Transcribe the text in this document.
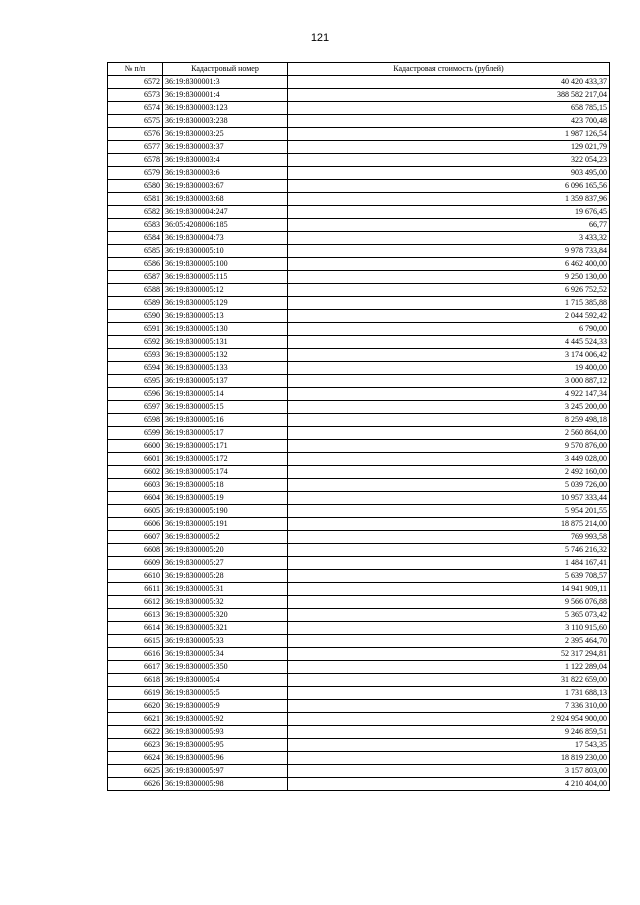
121
№ п/п	Кадастровый номер	Кадастровая стоимость (рублей)
6572	36:19:8300001:3	40 420 433,37
6573	36:19:8300001:4	388 582 217,04
6574	36:19:8300003:123	658 785,15
6575	36:19:8300003:238	423 700,48
6576	36:19:8300003:25	1 987 126,54
6577	36:19:8300003:37	129 021,79
6578	36:19:8300003:4	322 054,23
6579	36:19:8300003:6	903 495,00
6580	36:19:8300003:67	6 096 165,56
6581	36:19:8300003:68	1 359 837,96
6582	36:19:8300004:247	19 676,45
6583	36:05:4208006:185	66,77
6584	36:19:8300004:73	3 433,32
6585	36:19:8300005:10	9 978 733,84
6586	36:19:8300005:100	6 462 400,00
6587	36:19:8300005:115	9 250 130,00
6588	36:19:8300005:12	6 926 752,52
6589	36:19:8300005:129	1 715 385,88
6590	36:19:8300005:13	2 044 592,42
6591	36:19:8300005:130	6 790,00
6592	36:19:8300005:131	4 445 524,33
6593	36:19:8300005:132	3 174 006,42
6594	36:19:8300005:133	19 400,00
6595	36:19:8300005:137	3 000 887,12
6596	36:19:8300005:14	4 922 147,34
6597	36:19:8300005:15	3 245 200,00
6598	36:19:8300005:16	8 259 498,18
6599	36:19:8300005:17	2 560 864,00
6600	36:19:8300005:171	9 570 876,00
6601	36:19:8300005:172	3 449 028,00
6602	36:19:8300005:174	2 492 160,00
6603	36:19:8300005:18	5 039 726,00
6604	36:19:8300005:19	10 957 333,44
6605	36:19:8300005:190	5 954 201,55
6606	36:19:8300005:191	18 875 214,00
6607	36:19:8300005:2	769 993,58
6608	36:19:8300005:20	5 746 216,32
6609	36:19:8300005:27	1 484 167,41
6610	36:19:8300005:28	5 639 708,57
6611	36:19:8300005:31	14 941 909,11
6612	36:19:8300005:32	9 566 076,88
6613	36:19:8300005:320	5 365 073,42
6614	36:19:8300005:321	3 110 915,60
6615	36:19:8300005:33	2 395 464,70
6616	36:19:8300005:34	52 317 294,81
6617	36:19:8300005:350	1 122 289,04
6618	36:19:8300005:4	31 822 659,00
6619	36:19:8300005:5	1 731 688,13
6620	36:19:8300005:9	7 336 310,00
6621	36:19:8300005:92	2 924 954 900,00
6622	36:19:8300005:93	9 246 859,51
6623	36:19:8300005:95	17 543,35
6624	36:19:8300005:96	18 819 230,00
6625	36:19:8300005:97	3 157 803,00
6626	36:19:8300005:98	4 210 404,00
